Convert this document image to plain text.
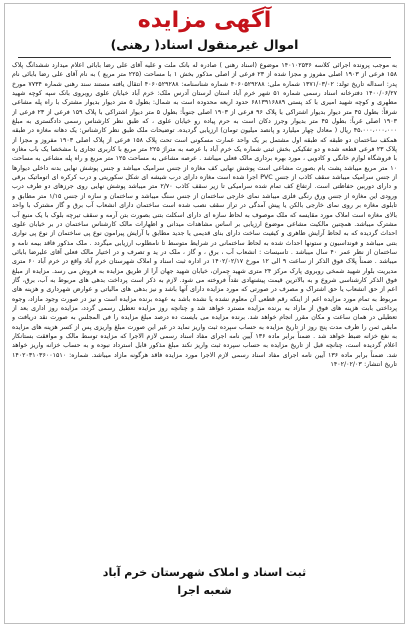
آگهی مزایده
اموال غیرمنقول اسناد( رهنی)
به موجب پرونده اجرائی کلاسه ۱۴۰۱۰۲۵۳۶ موضوع (اسناد رهنی ) صادره له بانک ملت و علیه آقای علی رضا بابائی اعلام میدارد ششدانگ پلاک ۱۵۸ فرعی از ۱۹۰۳ اصلی مفروز و مجزا شده از ۲۳ فرعی از اصلی مذکور بخش ۱ با مساحت (۲۲۵ متر مربع ) به نام آقای علی رضا بابائی نام پدر: اسداله تاریخ تولد: ۱۳۷۱/۰۳/۰۲ شماره ملی: ۴۰۶۰۵۲۹۲۸۸ شماره شناسنامه: ۴۰۶۰۵۲۹۲۸۸ انتقال یافته مستند سند رهنی شماره ۷۷۳۴ مورخ ۱۴۰۰/۰۶/۲۷ دفترخانه اسناد رسمی شماره ۵۱ شهر خرم آباد استان لرستان آدرس ملک: خرم آباد خیابان علوی روبروی بانک سپه کوچه شهید مطهری و کوچه شهید امیری با کد پستی ۶۸۱۳۹۱۶۸۸۹ حدود اربعه محدوده است به شمال: بطول ۵ متر دیوار بدیوار مشترک با راه پله مشاعی شرقاً: بطول ۴۵ متر دیوار بدیوار اشتراکی با پلاک ۹۶ فرعی از ۱۹۰۳ اصلی جنوباً: بطول ۵ متر دیوار اشتراکی با پلاک ۱۵۹ فرعی از ۲۳ فرعی از ۱۹۰۳ اصلی غرباً: بطول ۴۵ متر بدیوار وجرز دکان است به حرم پیاده رو خیابان علوی ، که طبق نظر کارشناس رسمی دادگستری به مبلغ ۴۵،۰۰۰،۰۰۰،۰۰۰ ریال ( معادل چهار میلیارد و پانصد میلیون تومان) ارزیابی گردیده. توضیحات ملک طبق نظر کارشناس: یک دهانه مغازه در طبقه همکف ساختمان دو طبقه که طبقه اول مشتمل بر یک واحد عمارت مسکونی است تحت پلاک ۱۵۸ فرعی از پلاک اصلی ۱۹۰۳ مفروز و مجزا از پلاک ۲۳ فرعی قطعه شده و دو تفکیکی بخش ثبتی شماره یک خرم آباد با عرصه به متراژ ۲۲۵ متر مربع با کاربری تجاری یا مشخصا یک باب مغازه با فروشگاه لوازم خانگی و کادویی ، مورد بهره برداری مالک فعلی میباشد . عرصه مشاعی به مساحت ۱۲۵ متر مربع و راه پله مشاعی به مساحت ۱۰ متر مربع میباشد پشت بام بصورت مشاعی است پوشش نهایی کف مغازه از جنس سرامیک میباشد و جنس پوشش نهایی بدنه داخلی دیوارها از جنس سرامیک میباشد سقف کاذب از جنس PVC اجرا شده است مغازه دارای درب شیشه ای شکل سکوریتی و درب کرکره ای اتوماتیک برقی و دارای دوربین حفاظتی است. ارتفاع کف تمام شده سرامیکی تا زیر سقف کاذب ۲/۷۰ متر میباشد پوشش نهایی روی جرزهای دو طرف درب ورودی این مغازه از جنس ورق رنگی فلزی میباشد نمای خارجی ساختمان از جنس سنگ میباشد و ساختمان و سازه از جنس ۱/۱۵ متر مطابق و تابلوی مغازه بر روی نمای خارجی بالکن یا پیش آمدگی در تراز سقف نصب شده است ساختمان دارای انشعاب آب برق و گاز مشترک با واحد بالای مغازه است املاک مورد مقایسه که ملک موصوف به لحاظ سازه ای دارای اسکلت بتنی بصورت بتن آرمه و سقف تیرچه بلوک با یک منبع آب مشترک میباشد. همچنین مالکیت مشاعی موضوع ارزیابی بر اساس مشاهدات میدانی و اظهارات مالک کارشناس ساختمان در بر خیابان علوی احداث گردیده که به لحاظ آرایش ظاهری و کیفیت ساخت دارای بنای قدیمی یا جدید مطابق با آرایش پیرامون نوع پی ساختمان از نوع پی نواری بتنی میباشد و فونداسیون و ستونها احداث شده به لحاظ ساختمانی در شرایط متوسط تا نامطلوب ارزیابی میگردد . ملک مذکور فاقد بیمه نامه و ساختمان از نظر عمر ۴۰ سال میباشد . تاسیسات : انشعاب آب ، برق ، و گاز ، ملک در ید و تصرف و در اختیار مالک فعلی آقای علیرضا بابائی میباشد . ضمناً پلاک فوق الذکر از ساعت ۹ الی ۱۲ مورخ ۱۴۰۲/۰۲/۱۷ در اداره ثبت اسناد و املاک شهرستان خرم آباد واقع در خرم آباد ۶۰ متری مدیریت بلوار شهید شمخی روبروی پارک مرکز ۲۴ متری شهید چمران، خیابان شهید جهان آرا از طریق مزایده به فروش می رسد. مزایده از مبلغ فوق الذکر کارشناسی شروع و به بالاترین قیمت پیشنهادی نقداً فروخته می شود. لازم به ذکر است پرداخت بدهی های مربوط به آب، برق، گاز اعم از حق انشعاب یا حق اشتراک و مصرف در صورتی که مورد مزایده دارای آنها باشد و نیز بدهی های مالیاتی و عوارض شهرداری و هزینه های مربوط به تمام مورد مزایده اعم از اینکه رقم قطعی آن معلوم نشده یا نشده باشد به عهده برنده مزایده است و نیز در صورت وجود مازاد، وجوه پرداختی بابت هزینه های فوق از مازاد به برنده مزایده مسترد خواهد شد و چنانچه روز مزایده تعطیل رسمی گردد، مزایده روز اداری بعد از تعطیلی در همان ساعت و مکان مقرر انجام خواهد شد. برنده مزایده می بایست ده درصد مبلغ مزایده را فی المجلس به صورت نقد دریافت و مابقی ثمن را ظرف مدت پنج روز از تاریخ مزایده به حساب سپرده ثبت واریز نماید در غیر این صورت مبلغ واریزی پس از کسر هزینه های مزایده به نفع خزانه ضبط خواهد شد . ضمناً برابر ماده ۱۳۶ آیین نامه اجرای مفاد اسناد رسمی لازم الاجرا که مزایده توسط مالک و موافقت بستانکار اعلام گردیده است، چنانچه قبل از تاریخ مزایده به حساب سپرده ثبت واریز نکند مبلغ مذکور قابل استرداد نبوده و به حساب خزانه واریز خواهد شد. ضمناً برابر ماده ۱۳۶ آیین نامه اجرای مفاد اسناد رسمی لازم الاجرا مورد مزایده فاقد هرگونه مازاد میباشد. شماره: ۱۴۰۲۰۳۱۰۳۶۰۰۱۵۱۰ تاریخ انتشار: ۱۴۰۲/۰۲/۰۳
ثبت اسناد و املاک شهرستان خرم آباد
شعبه اجرا
